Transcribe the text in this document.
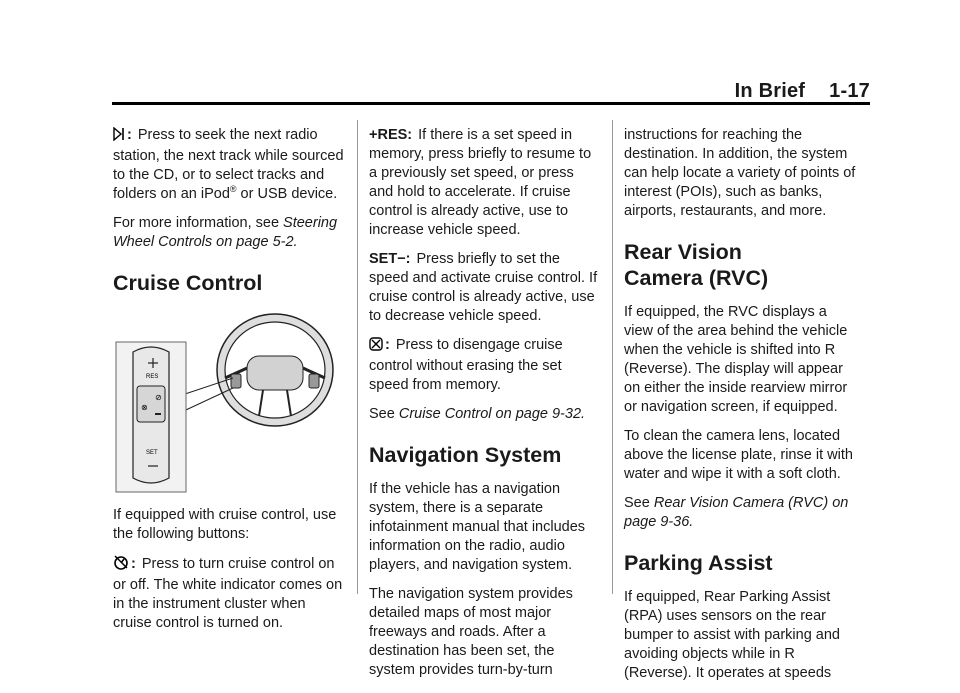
In Brief 1-17

: Press to seek the next radio station, the next track while sourced to the CD, or to select tracks and folders on an iPod® or USB device.

For more information, see Steering Wheel Controls on page 5-2.

Cruise Control
RES
⊗
⊘
SET

If equipped with cruise control, use the following buttons:

: Press to turn cruise control on or off. The white indicator comes on in the instrument cluster when cruise control is turned on.

+RES: If there is a set speed in memory, press briefly to resume to a previously set speed, or press and hold to accelerate. If cruise control is already active, use to increase vehicle speed.

SET−: Press briefly to set the speed and activate cruise control. If cruise control is already active, use to decrease vehicle speed.

: Press to disengage cruise control without erasing the set speed from memory.

See Cruise Control on page 9-32.

Navigation System

If the vehicle has a navigation system, there is a separate infotainment manual that includes information on the radio, audio players, and navigation system.

The navigation system provides detailed maps of most major freeways and roads. After a destination has been set, the system provides turn-by-turn

instructions for reaching the destination. In addition, the system can help locate a variety of points of interest (POIs), such as banks, airports, restaurants, and more.

Rear Vision
Camera (RVC)

If equipped, the RVC displays a view of the area behind the vehicle when the vehicle is shifted into R (Reverse). The display will appear on either the inside rearview mirror or navigation screen, if equipped.

To clean the camera lens, located above the license plate, rinse it with water and wipe it with a soft cloth.

See Rear Vision Camera (RVC) on page 9-36.

Parking Assist

If equipped, Rear Parking Assist (RPA) uses sensors on the rear bumper to assist with parking and avoiding objects while in R (Reverse). It operates at speeds
